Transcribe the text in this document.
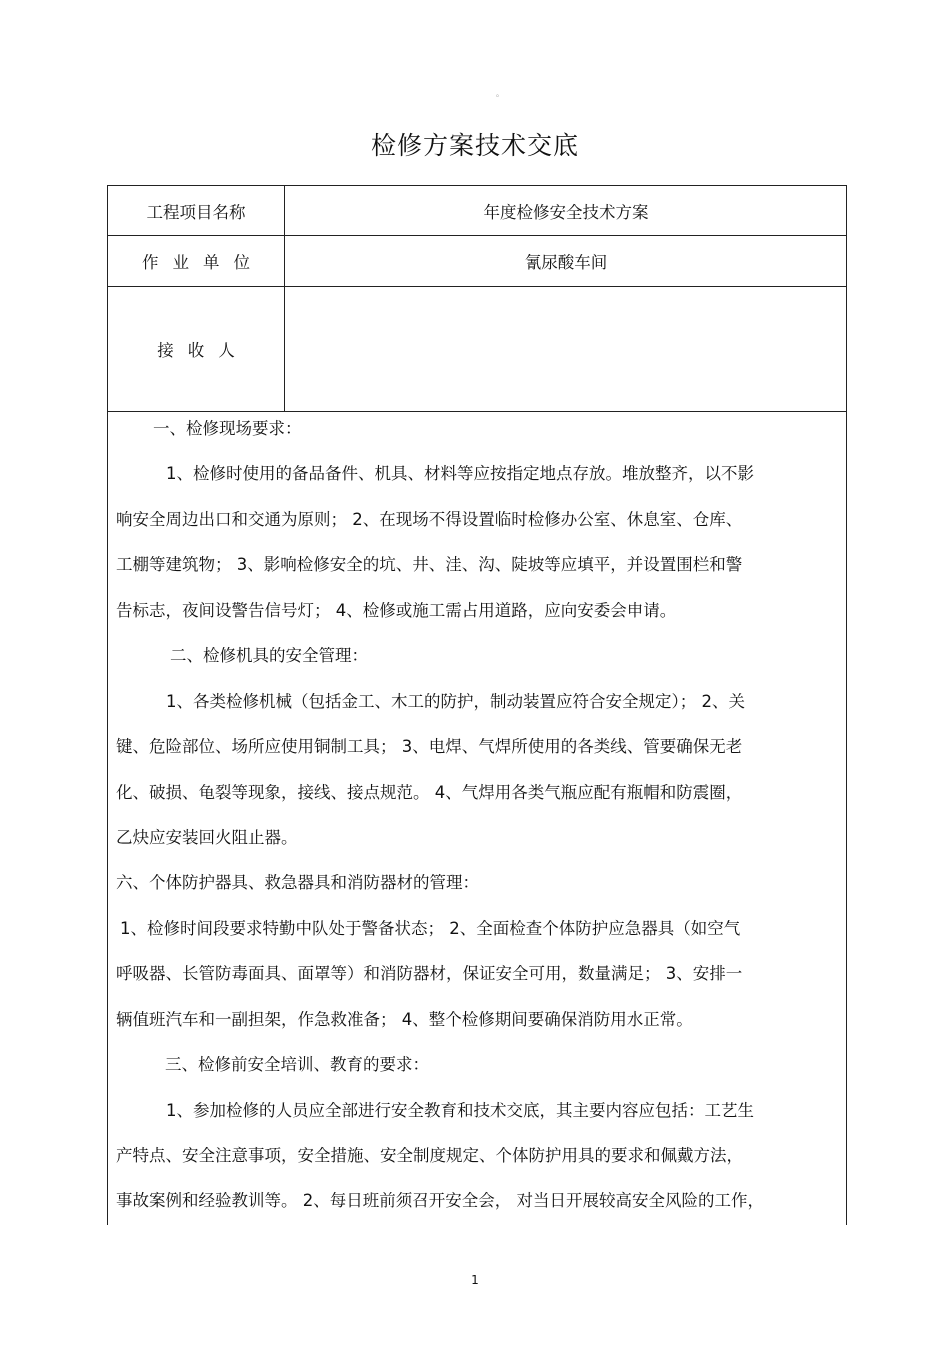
。
检修方案技术交底
工程项目名称	年度检修安全技术方案
作业单位	氰尿酸车间
接收人
一、检修现场要求：
1、检修时使用的备品备件、机具、材料等应按指定地点存放。堆放整齐，以不影
响安全周边出口和交通为原则； 2、在现场不得设置临时检修办公室、休息室、仓库、
工棚等建筑物； 3、影响检修安全的坑、井、洼、沟、陡坡等应填平，并设置围栏和警
告标志，夜间设警告信号灯； 4、检修或施工需占用道路，应向安委会申请。
二、检修机具的安全管理：
1、各类检修机械（包括金工、木工的防护，制动装置应符合安全规定）； 2、关
键、危险部位、场所应使用铜制工具； 3、电焊、气焊所使用的各类线、管要确保无老
化、破损、龟裂等现象，接线、接点规范。 4、气焊用各类气瓶应配有瓶帽和防震圈，
乙炔应安装回火阻止器。
六、个体防护器具、救急器具和消防器材的管理：
1、检修时间段要求特勤中队处于警备状态； 2、全面检查个体防护应急器具（如空气
呼吸器、长管防毒面具、面罩等）和消防器材，保证安全可用，数量满足； 3、安排一
辆值班汽车和一副担架，作急救准备； 4、整个检修期间要确保消防用水正常。
三、检修前安全培训、教育的要求：
1、参加检修的人员应全部进行安全教育和技术交底，其主要内容应包括：工艺生
产特点、安全注意事项，安全措施、安全制度规定、个体防护用具的要求和佩戴方法，
事故案例和经验教训等。 2、每日班前须召开安全会， 对当日开展较高安全风险的工作，
1
